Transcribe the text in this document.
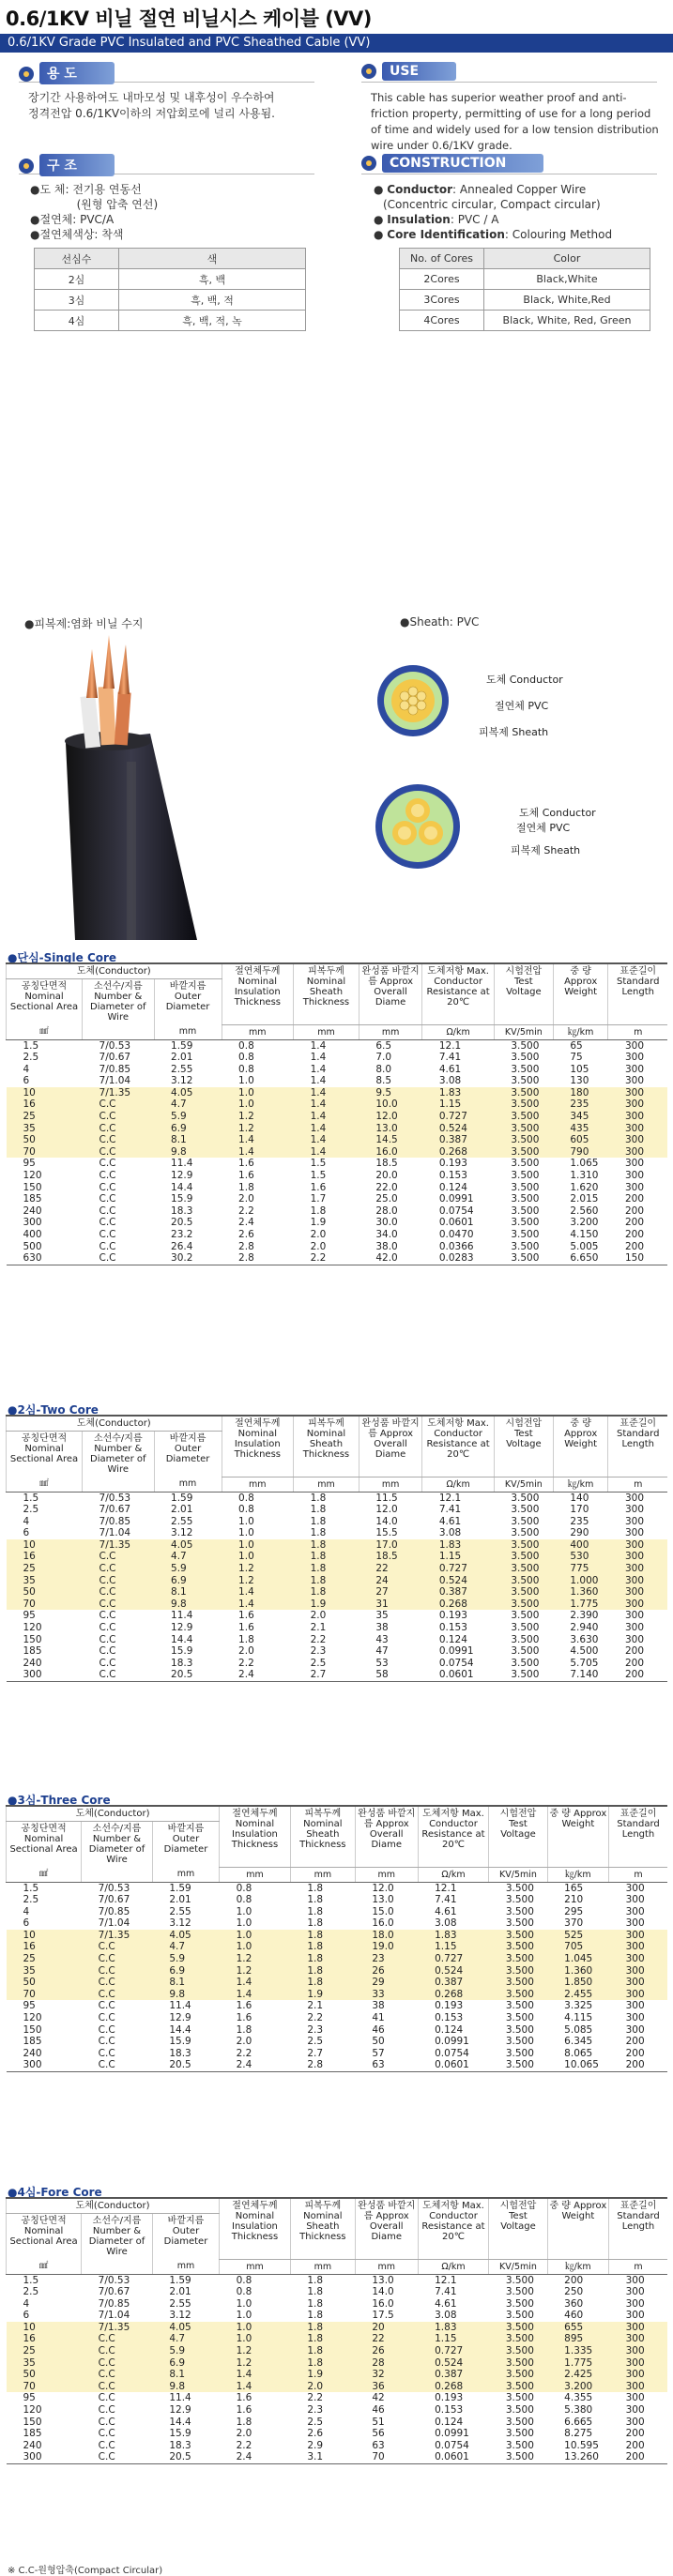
0.6/1KV 비닐 절연 비닐시스 케이블 (VV)
0.6/1KV Grade PVC Insulated and PVC Sheathed Cable (VV)
용 도	USE
장기간 사용하여도 내마모성 및 내후성이 우수하여
정격전압 0.6/1KV이하의 저압회로에 널리 사용됨.
This cable has superior weather proof and anti-
friction property, permitting of use for a long period
of time and widely used for a low tension distribution
wire under 0.6/1KV grade.
구 조	CONSTRUCTION
●도 체: 전기용 연동선
(원형 압축 연선)
●절연체: PVC/A
●절연체색상: 착색
● Conductor: Annealed Copper Wire
(Concentric circular, Compact circular)
● Insulation: PVC / A
● Core Identification: Colouring Method
선심수	색
2심	흑, 백
3심	흑, 백, 적
4심	흑, 백, 적, 녹
No. of Cores	Color
2Cores	Black,White
3Cores	Black, White,Red
4Cores	Black, White, Red, Green
●피복제:염화 비닐 수지	●Sheath: PVC
도체 Conductor
절연체 PVC
피복제 Sheath
도체 Conductor
절연체 PVC
피복제 Sheath
●단심-Single Core
도체(Conductor)			절연체두께 Nominal Insulation Thickness	피복두께 Nominal Sheath Thickness	완성품 바깥지름 Approx Overall Diame	도체저항 Max. Conductor Resistance at 20℃	시험전압 Test Voltage	중 량 Approx Weight	표준길이 Standard Length
공칭단면적 Nominal Sectional Area	소선수/지름 Number & Diameter of Wire	바깥지름 Outer Diameter							
㎟		mm	mm	mm	mm	Ω/km	KV/5min	㎏/km	m
1.5	7/0.53	1.59	0.8	1.4	6.5	12.1	3.500	65	300
2.5	7/0.67	2.01	0.8	1.4	7.0	7.41	3.500	75	300
4	7/0.85	2.55	0.8	1.4	8.0	4.61	3.500	105	300
6	7/1.04	3.12	1.0	1.4	8.5	3.08	3.500	130	300
10	7/1.35	4.05	1.0	1.4	9.5	1.83	3.500	180	300
16	C.C	4.7	1.0	1.4	10.0	1.15	3.500	235	300
25	C.C	5.9	1.2	1.4	12.0	0.727	3.500	345	300
35	C.C	6.9	1.2	1.4	13.0	0.524	3.500	435	300
50	C.C	8.1	1.4	1.4	14.5	0.387	3.500	605	300
70	C.C	9.8	1.4	1.4	16.0	0.268	3.500	790	300
95	C.C	11.4	1.6	1.5	18.5	0.193	3.500	1.065	300
120	C.C	12.9	1.6	1.5	20.0	0.153	3.500	1.310	300
150	C.C	14.4	1.8	1.6	22.0	0.124	3.500	1.620	300
185	C.C	15.9	2.0	1.7	25.0	0.0991	3.500	2.015	200
240	C.C	18.3	2.2	1.8	28.0	0.0754	3.500	2.560	200
300	C.C	20.5	2.4	1.9	30.0	0.0601	3.500	3.200	200
400	C.C	23.2	2.6	2.0	34.0	0.0470	3.500	4.150	200
500	C.C	26.4	2.8	2.0	38.0	0.0366	3.500	5.005	200
630	C.C	30.2	2.8	2.2	42.0	0.0283	3.500	6.650	150
●2심-Two Core
도체(Conductor)			절연체두께 Nominal Insulation Thickness	피복두께 Nominal Sheath Thickness	완성품 바깥지름 Approx Overall Diame	도체저항 Max. Conductor Resistance at 20℃	시험전압 Test Voltage	중 량 Approx Weight	표준길이 Standard Length
공칭단면적 Nominal Sectional Area	소선수/지름 Number & Diameter of Wire	바깥지름 Outer Diameter							
㎟		mm	mm	mm	mm	Ω/km	KV/5min	㎏/km	m
1.5	7/0.53	1.59	0.8	1.8	11.5	12.1	3.500	140	300
2.5	7/0.67	2.01	0.8	1.8	12.0	7.41	3.500	170	300
4	7/0.85	2.55	1.0	1.8	14.0	4.61	3.500	235	300
6	7/1.04	3.12	1.0	1.8	15.5	3.08	3.500	290	300
10	7/1.35	4.05	1.0	1.8	17.0	1.83	3.500	400	300
16	C.C	4.7	1.0	1.8	18.5	1.15	3.500	530	300
25	C.C	5.9	1.2	1.8	22	0.727	3.500	775	300
35	C.C	6.9	1.2	1.8	24	0.524	3.500	1.000	300
50	C.C	8.1	1.4	1.8	27	0.387	3.500	1.360	300
70	C.C	9.8	1.4	1.9	31	0.268	3.500	1.775	300
95	C.C	11.4	1.6	2.0	35	0.193	3.500	2.390	300
120	C.C	12.9	1.6	2.1	38	0.153	3.500	2.940	300
150	C.C	14.4	1.8	2.2	43	0.124	3.500	3.630	300
185	C.C	15.9	2.0	2.3	47	0.0991	3.500	4.500	200
240	C.C	18.3	2.2	2.5	53	0.0754	3.500	5.705	200
300	C.C	20.5	2.4	2.7	58	0.0601	3.500	7.140	200
●3심-Three Core
도체(Conductor)			절연체두께 Nominal Insulation Thickness	피복두께 Nominal Sheath Thickness	완성품 바깥지름 Approx Overall Diame	도체저항 Max. Conductor Resistance at 20℃	시험전압 Test Voltage	중 량 Approx Weight	표준길이 Standard Length
공칭단면적 Nominal Sectional Area	소선수/지름 Number & Diameter of Wire	바깥지름 Outer Diameter							
㎟		mm	mm	mm	mm	Ω/km	KV/5min	㎏/km	m
1.5	7/0.53	1.59	0.8	1.8	12.0	12.1	3.500	165	300
2.5	7/0.67	2.01	0.8	1.8	13.0	7.41	3.500	210	300
4	7/0.85	2.55	1.0	1.8	15.0	4.61	3.500	295	300
6	7/1.04	3.12	1.0	1.8	16.0	3.08	3.500	370	300
10	7/1.35	4.05	1.0	1.8	18.0	1.83	3.500	525	300
16	C.C	4.7	1.0	1.8	19.0	1.15	3.500	705	300
25	C.C	5.9	1.2	1.8	23	0.727	3.500	1.045	300
35	C.C	6.9	1.2	1.8	26	0.524	3.500	1.360	300
50	C.C	8.1	1.4	1.8	29	0.387	3.500	1.850	300
70	C.C	9.8	1.4	1.9	33	0.268	3.500	2.455	300
95	C.C	11.4	1.6	2.1	38	0.193	3.500	3.325	300
120	C.C	12.9	1.6	2.2	41	0.153	3.500	4.115	300
150	C.C	14.4	1.8	2.3	46	0.124	3.500	5.085	300
185	C.C	15.9	2.0	2.5	50	0.0991	3.500	6.345	200
240	C.C	18.3	2.2	2.7	57	0.0754	3.500	8.065	200
300	C.C	20.5	2.4	2.8	63	0.0601	3.500	10.065	200
●4심-Fore Core
도체(Conductor)			절연체두께 Nominal Insulation Thickness	피복두께 Nominal Sheath Thickness	완성품 바깥지름 Approx Overall Diame	도체저항 Max. Conductor Resistance at 20℃	시험전압 Test Voltage	중 량 Approx Weight	표준길이 Standard Length
공칭단면적 Nominal Sectional Area	소선수/지름 Number & Diameter of Wire	바깥지름 Outer Diameter							
㎟		mm	mm	mm	mm	Ω/km	KV/5min	㎏/km	m
1.5	7/0.53	1.59	0.8	1.8	13.0	12.1	3.500	200	300
2.5	7/0.67	2.01	0.8	1.8	14.0	7.41	3.500	250	300
4	7/0.85	2.55	1.0	1.8	16.0	4.61	3.500	360	300
6	7/1.04	3.12	1.0	1.8	17.5	3.08	3.500	460	300
10	7/1.35	4.05	1.0	1.8	20	1.83	3.500	655	300
16	C.C	4.7	1.0	1.8	22	1.15	3.500	895	300
25	C.C	5.9	1.2	1.8	26	0.727	3.500	1.335	300
35	C.C	6.9	1.2	1.8	28	0.524	3.500	1.775	300
50	C.C	8.1	1.4	1.9	32	0.387	3.500	2.425	300
70	C.C	9.8	1.4	2.0	36	0.268	3.500	3.200	300
95	C.C	11.4	1.6	2.2	42	0.193	3.500	4.355	300
120	C.C	12.9	1.6	2.3	46	0.153	3.500	5.380	300
150	C.C	14.4	1.8	2.5	51	0.124	3.500	6.665	300
185	C.C	15.9	2.0	2.6	56	0.0991	3.500	8.275	200
240	C.C	18.3	2.2	2.9	63	0.0754	3.500	10.595	200
300	C.C	20.5	2.4	3.1	70	0.0601	3.500	13.260	200
※ C.C-원형압축(Compact Circular)
